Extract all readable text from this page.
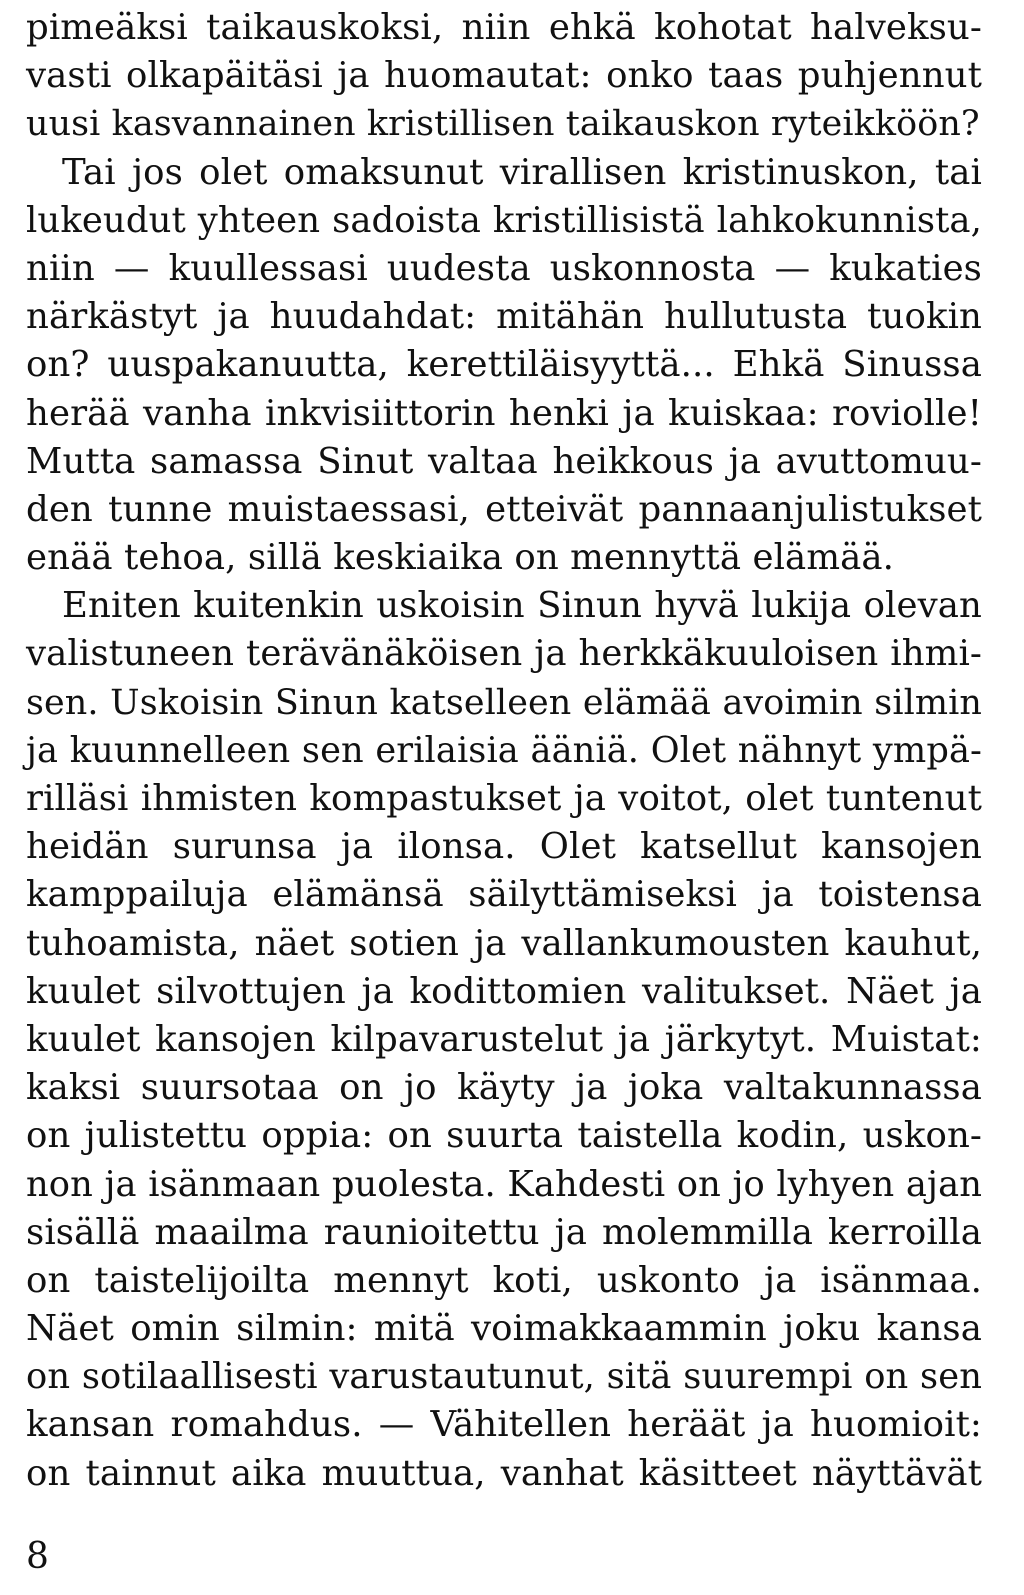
pimeäksi taikauskoksi, niin ehkä kohotat halveksu-
vasti olkapäitäsi ja huomautat: onko taas puhjennut
uusi kasvannainen kristillisen taikauskon ryteikköön?
Tai jos olet omaksunut virallisen kristinuskon, tai
lukeudut yhteen sadoista kristillisistä lahkokunnista,
niin — kuullessasi uudesta uskonnosta — kukaties
närkästyt ja huudahdat: mitähän hullutusta tuokin
on? uuspakanuutta, kerettiläisyyttä... Ehkä Sinussa
herää vanha inkvisiittorin henki ja kuiskaa: roviolle!
Mutta samassa Sinut valtaa heikkous ja avuttomuu-
den tunne muistaessasi, etteivät pannaanjulistukset
enää tehoa, sillä keskiaika on mennyttä elämää.
Eniten kuitenkin uskoisin Sinun hyvä lukija olevan
valistuneen terävänäköisen ja herkkäkuuloisen ihmi-
sen. Uskoisin Sinun katselleen elämää avoimin silmin
ja kuunnelleen sen erilaisia ääniä. Olet nähnyt ympä-
rilläsi ihmisten kompastukset ja voitot, olet tuntenut
heidän surunsa ja ilonsa. Olet katsellut kansojen
kamppailuja elämänsä säilyttämiseksi ja toistensa
tuhoamista, näet sotien ja vallankumousten kauhut,
kuulet silvottujen ja kodittomien valitukset. Näet ja
kuulet kansojen kilpavarustelut ja järkytyt. Muistat:
kaksi suursotaa on jo käyty ja joka valtakunnassa
on julistettu oppia: on suurta taistella kodin, uskon-
non ja isänmaan puolesta. Kahdesti on jo lyhyen ajan
sisällä maailma raunioitettu ja molemmilla kerroilla
on taistelijoilta mennyt koti, uskonto ja isänmaa.
Näet omin silmin: mitä voimakkaammin joku kansa
on sotilaallisesti varustautunut, sitä suurempi on sen
kansan romahdus. — Vähitellen heräät ja huomioit:
on tainnut aika muuttua, vanhat käsitteet näyttävät
8
